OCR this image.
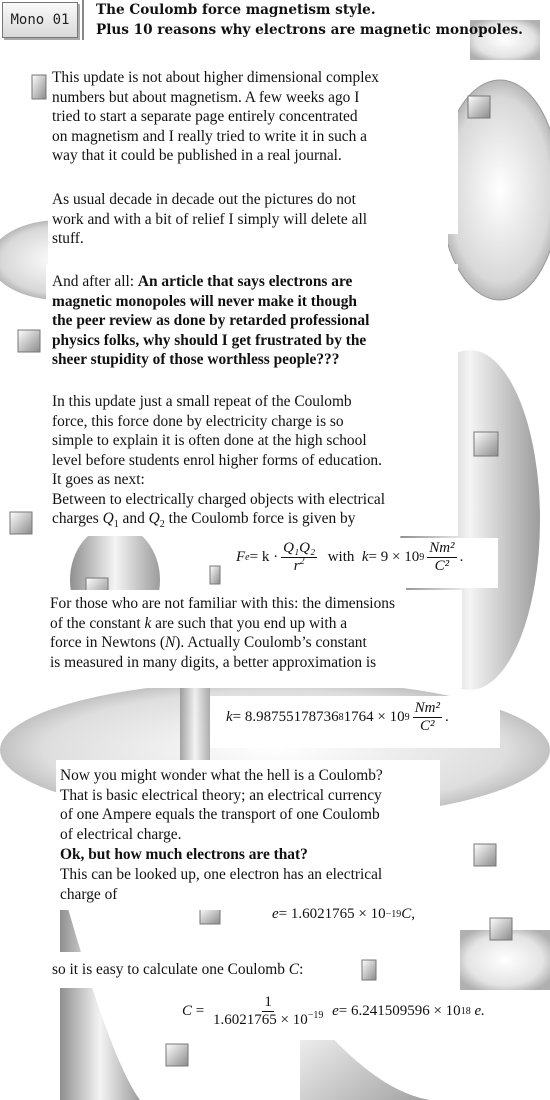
Mono 01
The Coulomb force magnetism style.
Plus 10 reasons why electrons are magnetic monopoles.
This update is not about higher dimensional complex
numbers but about magnetism. A few weeks ago I
tried to start a separate page entirely concentrated
on magnetism and I really tried to write it in such a
way that it could be published in a real journal.
As usual decade in decade out the pictures do not
work and with a bit of relief I simply will delete all
stuff.
And after all: An article that says electrons are
magnetic monopoles will never make it though
the peer review as done by retarded professional
physics folks, why should I get frustrated by the
sheer stupidity of those worthless people???
In this update just a small repeat of the Coulomb
force, this force done by electricity charge is so
simple to explain it is often done at the high school
level before students enrol higher forms of education.
It goes as next:
Between to electrically charged objects with electrical
charges $Q_1$ and $Q_2$ the Coulomb force is given by
F $e = k \cdot \frac{\text{Q₁Q₂}}{r^2}$ with k = 9 × 10 $9 \frac{\text{Nm²}}{\text{C²}}$ .
For those who are not familiar with this: the dimensions
of the constant k are such that you end up with a
force in Newtons (N). Actually Coulomb’s constant
is measured in many digits, a better approximation is
k = 8.98755178736 8 1764 × 10 $9 \frac{\text{Nm²}}{\text{C²}}$ .
Now you might wonder what the hell is a Coulomb?
That is basic electrical theory; an electrical currency
of one Ampere equals the transport of one Coulomb
of electrical charge.
Ok, but how much electrons are that?
This can be looked up, one electron has an electrical
charge of
e = 1.6021765 × 10 −19 C,
so it is easy to calculate one Coulomb C:
$C = \frac{1}{1.6021765 \times 10^{-19}}$ e = 6.241509596 × 10 18 e.
